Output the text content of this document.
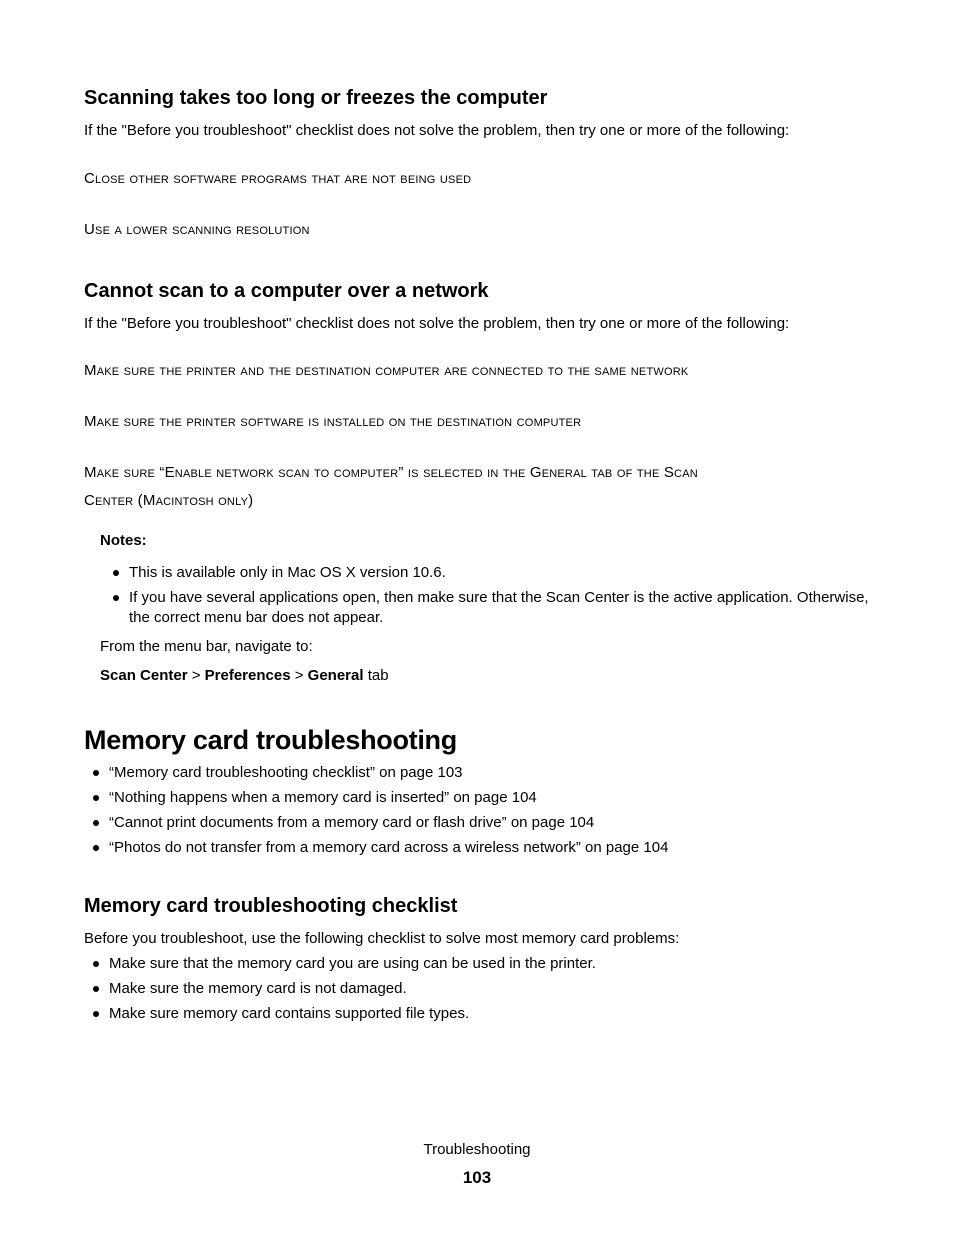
Scanning takes too long or freezes the computer

If the "Before you troubleshoot" checklist does not solve the problem, then try one or more of the following:

Close other software programs that are not being used
Use a lower scanning resolution
Cannot scan to a computer over a network

If the "Before you troubleshoot" checklist does not solve the problem, then try one or more of the following:

Make sure the printer and the destination computer are connected to the same network
Make sure the printer software is installed on the destination computer
Make sure “Enable network scan to computer” is selected in the General tab of the Scan
Center (Macintosh only)
Notes:
This is available only in Mac OS X version 10.6.
If you have several applications open, then make sure that the Scan Center is the active application. Otherwise, the correct menu bar does not appear.

From the menu bar, navigate to:

Scan Center > Preferences > General tab

Memory card troubleshooting
“Memory card troubleshooting checklist” on page 103
“Nothing happens when a memory card is inserted” on page 104
“Cannot print documents from a memory card or flash drive” on page 104
“Photos do not transfer from a memory card across a wireless network” on page 104
Memory card troubleshooting checklist

Before you troubleshoot, use the following checklist to solve most memory card problems:

Make sure that the memory card you are using can be used in the printer.
Make sure the memory card is not damaged.
Make sure memory card contains supported file types.
Troubleshooting
103
